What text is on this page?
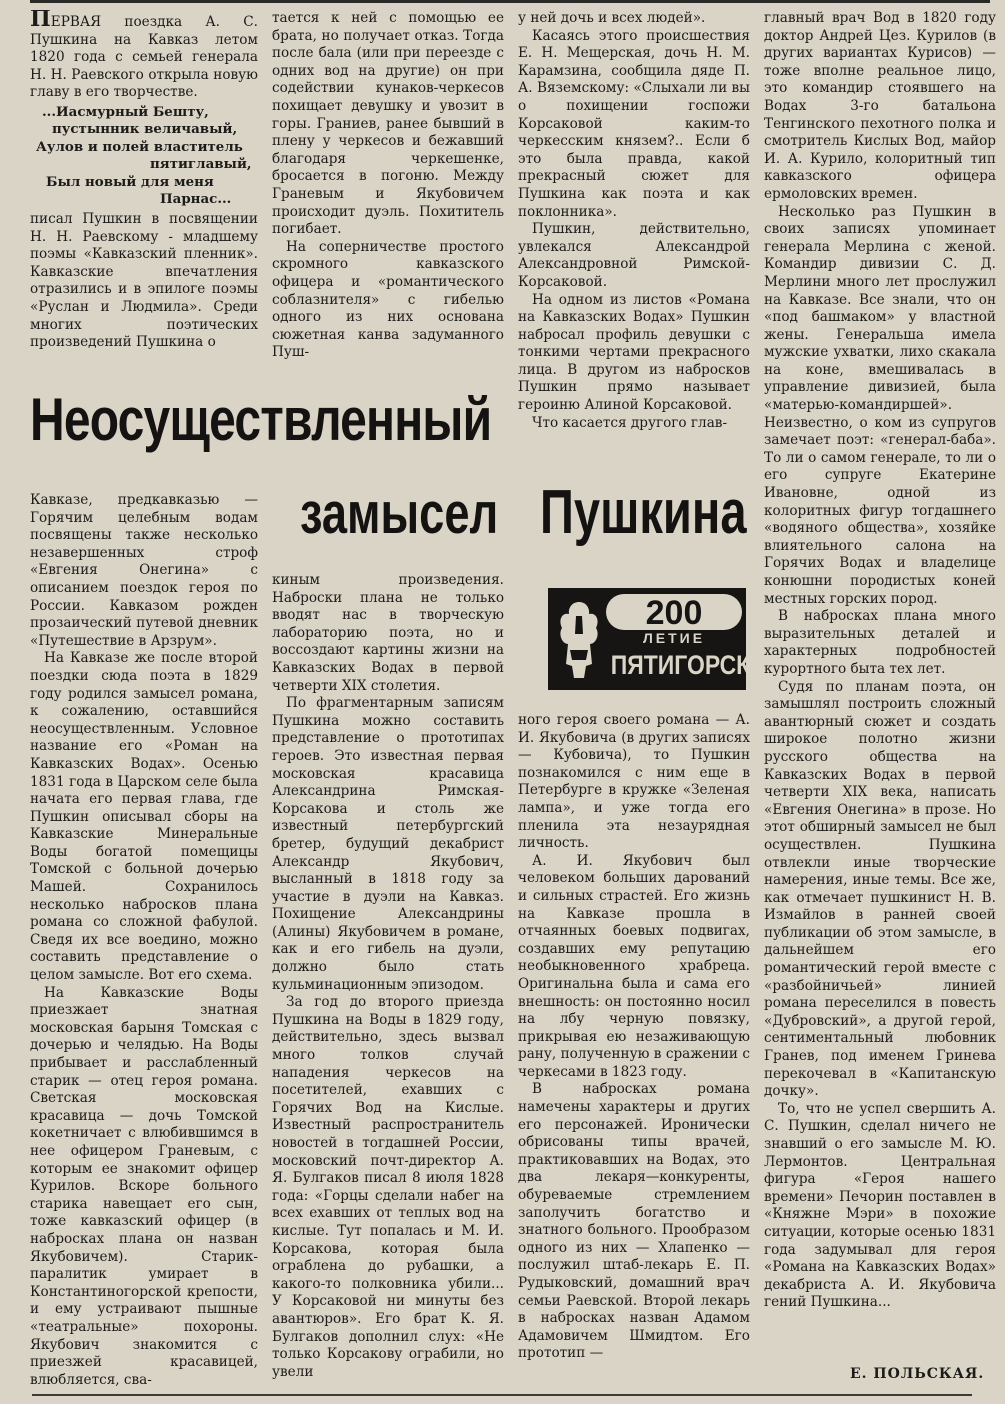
ПЕРВАЯ поездка А. С. Пушкина на Кавказ летом 1820 года с семьей генерала Н. Н. Раевского открыла новую главу в его творчестве.

...Иасмурный Бешту,
пустынник величавый,
Аулов и полей властитель
пятиглавый,
Был новый для меня
Парнас...

писал Пушкин в посвящении Н. Н. Раевскому - младшему поэмы «Кавказский пленник». Кавказские впечатления отразились и в эпилоге поэмы «Руслан и Людмила». Среди многих поэтических произведений Пушкина о

тается к ней с помощью ее брата, но получает отказ. Тогда после бала (или при переезде с одних вод на другие) он при содействии кунаков-черкесов похищает девушку и увозит в горы. Граниев, ранее бывший в плену у черкесов и бежавший благодаря черкешенке, бросается в погоню. Между Граневым и Якубовичем происходит дуэль. Похититель погибает.

На соперничестве простого скромного кавказского офицера и «романтического соблазнителя» с гибелью одного из них основана сюжетная канва задуманного Пуш-

у ней дочь и всех людей».

Касаясь этого происшествия Е. Н. Мещерская, дочь Н. М. Карамзина, сообщила дяде П. А. Вяземскому: «Слыхали ли вы о похищении госпожи Корсаковой каким-то черкесским князем?.. Если б это была правда, какой прекрасный сюжет для Пушкина как поэта и как поклонника».

Пушкин, действительно, увлекался Александрой Александровной Римской-Корсаковой.

На одном из листов «Романа на Кавказских Водах» Пушкин набросал профиль девушки с тонкими чертами прекрасного лица. В другом из набросков Пушкин прямо называет героиню Алиной Корсаковой.

Что касается другого глав-

Неосуществленный
замысел Пушкина
200
ЛЕТИЕ
ПЯТИГОРСКА

Кавказе, предкавказью — Горячим целебным водам посвящены также несколько незавершенных строф «Евгения Онегина» с описанием поездок героя по России. Кавказом рожден прозаический путевой дневник «Путешествие в Арзрум».

На Кавказе же после второй поездки сюда поэта в 1829 году родился замысел романа, к сожалению, оставшийся неосуществленным. Условное название его «Роман на Кавказских Водах». Осенью 1831 года в Царском селе была начата его первая глава, где Пушкин описывал сборы на Кавказские Минеральные Воды богатой помещицы Томской с больной дочерью Машей. Сохранилось несколько набросков плана романа со сложной фабулой. Сведя их все воедино, можно составить представление о целом замысле. Вот его схема.

На Кавказские Воды приезжает знатная московская барыня Томская с дочерью и челядью. На Воды прибывает и расслабленный старик — отец героя романа. Светская московская красавица — дочь Томской кокетничает с влюбившимся в нее офицером Граневым, с которым ее знакомит офицер Курилов. Вскоре больного старика навещает его сын, тоже кавказский офицер (в набросках плана он назван Якубовичем). Старик-паралитик умирает в Константиногорской крепости, и ему устраивают пышные «театральные» похороны. Якубович знакомится с приезжей красавицей, влюбляется, сва-

киным произведения. Наброски плана не только вводят нас в творческую лабораторию поэта, но и воссоздают картины жизни на Кавказских Водах в первой четверти XIX столетия.

По фрагментарным записям Пушкина можно составить представление о прототипах героев. Это известная первая московская красавица Александрина Римская-Корсакова и столь же известный петербургский бретер, будущий декабрист Александр Якубович, высланный в 1818 году за участие в дуэли на Кавказ. Похищение Александрины (Алины) Якубовичем в романе, как и его гибель на дуэли, должно было стать кульминационным эпизодом.

За год до второго приезда Пушкина на Воды в 1829 году, действительно, здесь вызвал много толков случай нападения черкесов на посетителей, ехавших с Горячих Вод на Кислые. Известный распространитель новостей в тогдашней России, московский почт-директор А. Я. Булгаков писал 8 июля 1828 года: «Горцы сделали набег на всех ехавших от теплых вод на кислые. Тут попалась и М. И. Корсакова, которая была ограблена до рубашки, а какого-то полковника убили... У Корсаковой ни минуты без авантюров». Его брат К. Я. Булгаков дополнил слух: «Не только Корсакову ограбили, но увели

ного героя своего романа — А. И. Якубовича (в других записях — Кубовича), то Пушкин познакомился с ним еще в Петербурге в кружке «Зеленая лампа», и уже тогда его пленила эта незаурядная личность.

А. И. Якубович был человеком больших дарований и сильных страстей. Его жизнь на Кавказе прошла в отчаянных боевых подвигах, создавших ему репутацию необыкновенного храбреца. Оригинальна была и сама его внешность: он постоянно носил на лбу черную повязку, прикрывая ею незаживающую рану, полученную в сражении с черкесами в 1823 году.

В набросках романа намечены характеры и других его персонажей. Иронически обрисованы типы врачей, практиковавших на Водах, это два лекаря—конкуренты, обуреваемые стремлением заполучить богатство и знатного больного. Прообразом одного из них — Хлапенко — послужил штаб-лекарь Е. П. Рудыковский, домашний врач семьи Раевской. Второй лекарь в набросках назван Адамом Адамовичем Шмидтом. Его прототип —

главный врач Вод в 1820 году доктор Андрей Цез. Курилов (в других вариантах Курисов) — тоже вполне реальное лицо, это командир стоявшего на Водах 3-го батальона Тенгинского пехотного полка и смотритель Кислых Вод, майор И. А. Курило, колоритный тип кавказского офицера ермоловских времен.

Несколько раз Пушкин в своих записях упоминает генерала Мерлина с женой. Командир дивизии С. Д. Мерлини много лет прослужил на Кавказе. Все знали, что он «под башмаком» у властной жены. Генеральша имела мужские ухватки, лихо скакала на коне, вмешивалась в управление дивизией, была «матерью-командиршей». Неизвестно, о ком из супругов замечает поэт: «генерал-баба». То ли о самом генерале, то ли о его супруге Екатерине Ивановне, одной из колоритных фигур тогдашнего «водяного общества», хозяйке влиятельного салона на Горячих Водах и владелице конюшни породистых коней местных горских пород.

В набросках плана много выразительных деталей и характерных подробностей курортного быта тех лет.

Судя по планам поэта, он замышлял построить сложный авантюрный сюжет и создать широкое полотно жизни русского общества на Кавказских Водах в первой четверти XIX века, написать «Евгения Онегина» в прозе. Но этот обширный замысел не был осуществлен. Пушкина отвлекли иные творческие намерения, иные темы. Все же, как отмечает пушкинист Н. В. Измайлов в ранней своей публикации об этом замысле, в дальнейшем его романтический герой вместе с «разбойничьей» линией романа переселился в повесть «Дубровский», а другой герой, сентиментальный любовник Гранев, под именем Гринева перекочевал в «Капитанскую дочку».

То, что не успел свершить А. С. Пушкин, сделал ничего не знавший о его замысле М. Ю. Лермонтов. Центральная фигура «Героя нашего времени» Печорин поставлен в «Княжне Мэри» в похожие ситуации, которые осенью 1831 года задумывал для героя «Романа на Кавказских Водах» декабриста А. И. Якубовича гений Пушкина...

Е. ПОЛЬСКАЯ.
